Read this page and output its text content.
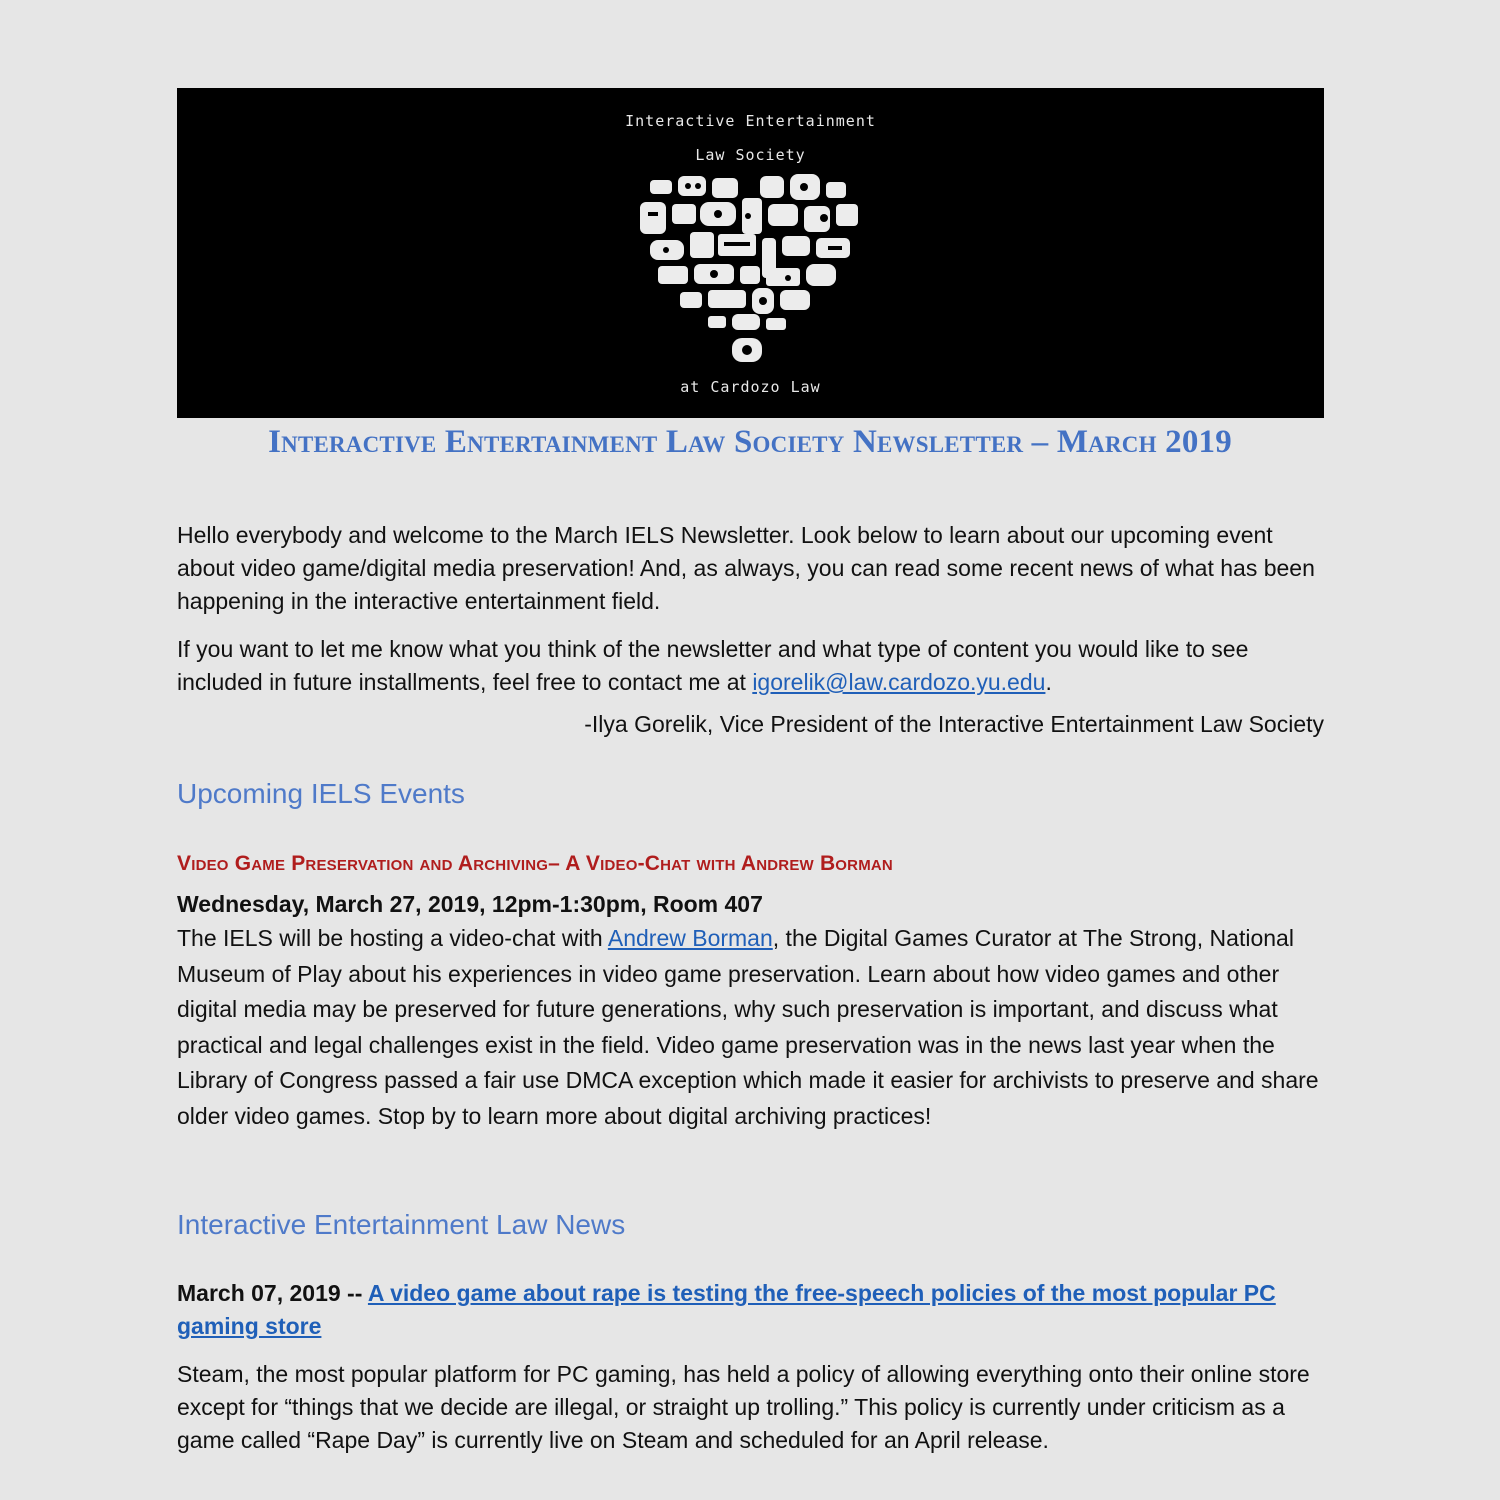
Interactive Entertainment
Law Society
at Cardozo Law
Interactive Entertainment Law Society Newsletter – March 2019
Hello everybody and welcome to the March IELS Newsletter. Look below to learn about our upcoming event about video game/digital media preservation! And, as always, you can read some recent news of what has been happening in the interactive entertainment field.
If you want to let me know what you think of the newsletter and what type of content you would like to see included in future installments, feel free to contact me at igorelik@law.cardozo.yu.edu.
-Ilya Gorelik, Vice President of the Interactive Entertainment Law Society
Upcoming IELS Events
Video Game Preservation and Archiving– A Video-Chat with Andrew Borman
Wednesday, March 27, 2019, 12pm-1:30pm, Room 407
The IELS will be hosting a video-chat with Andrew Borman, the Digital Games Curator at The Strong, National Museum of Play about his experiences in video game preservation. Learn about how video games and other digital media may be preserved for future generations, why such preservation is important, and discuss what practical and legal challenges exist in the field. Video game preservation was in the news last year when the Library of Congress passed a fair use DMCA exception which made it easier for archivists to preserve and share older video games. Stop by to learn more about digital archiving practices!
Interactive Entertainment Law News
March 07, 2019 -- A video game about rape is testing the free-speech policies of the most popular PC gaming store
Steam, the most popular platform for PC gaming, has held a policy of allowing everything onto their online store except for “things that we decide are illegal, or straight up trolling.” This policy is currently under criticism as a game called “Rape Day” is currently live on Steam and scheduled for an April release.
